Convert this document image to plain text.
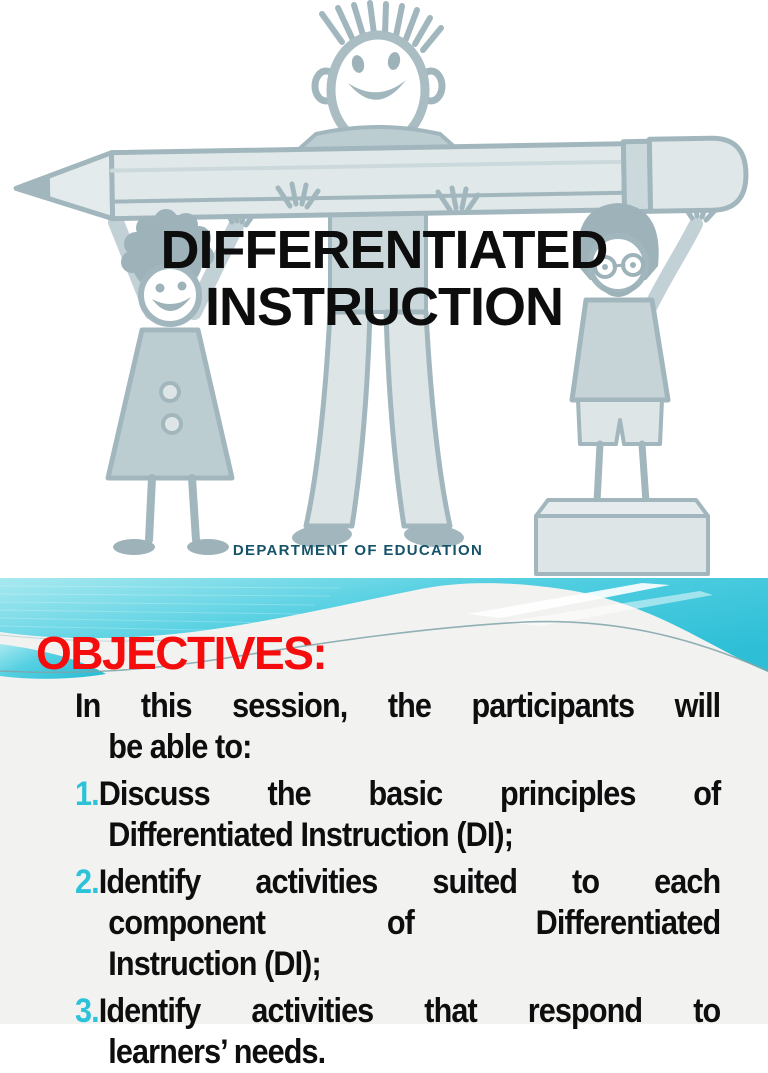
DIFFERENTIATED
INSTRUCTION
DEPARTMENT OF EDUCATION
OBJECTIVES:
In this session, the participants will
be able to:
1.Discuss the basic principles of
Differentiated Instruction (DI);
2.Identify activities suited to each
component of Differentiated
Instruction (DI);
3.Identify activities that respond to
learners’ needs.
